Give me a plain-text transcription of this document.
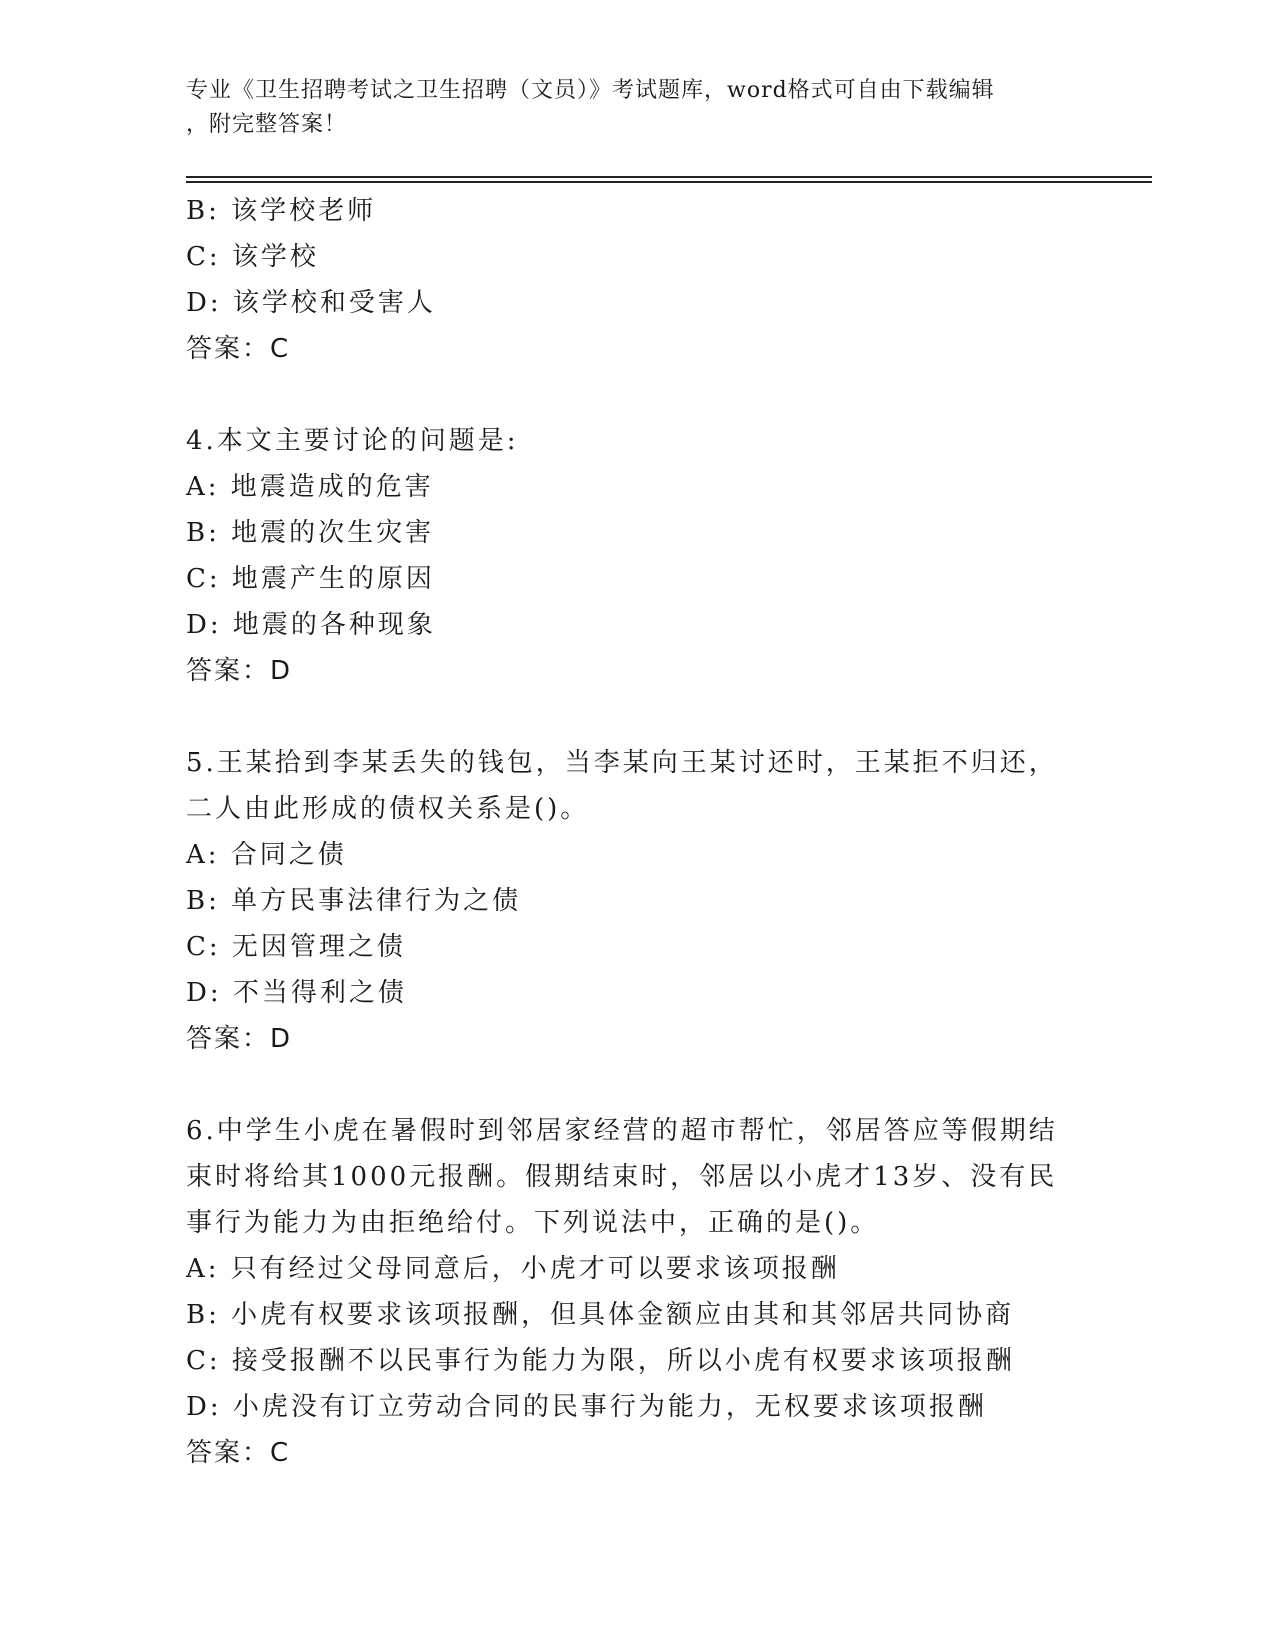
专业《卫生招聘考试之卫生招聘（文员）》考试题库，word格式可自由下载编辑
，附完整答案！
B: 该学校老师
C: 该学校
D: 该学校和受害人
答案：C
4.本文主要讨论的问题是:
A: 地震造成的危害
B: 地震的次生灾害
C: 地震产生的原因
D: 地震的各种现象
答案：D
5.王某拾到李某丢失的钱包，当李某向王某讨还时，王某拒不归还，
二人由此形成的债权关系是()。
A: 合同之债
B: 单方民事法律行为之债
C: 无因管理之债
D: 不当得利之债
答案：D
6.中学生小虎在暑假时到邻居家经营的超市帮忙，邻居答应等假期结
束时将给其1000元报酬。假期结束时，邻居以小虎才13岁、没有民
事行为能力为由拒绝给付。下列说法中，正确的是()。
A: 只有经过父母同意后，小虎才可以要求该项报酬
B: 小虎有权要求该项报酬，但具体金额应由其和其邻居共同协商
C: 接受报酬不以民事行为能力为限，所以小虎有权要求该项报酬
D: 小虎没有订立劳动合同的民事行为能力，无权要求该项报酬
答案：C
